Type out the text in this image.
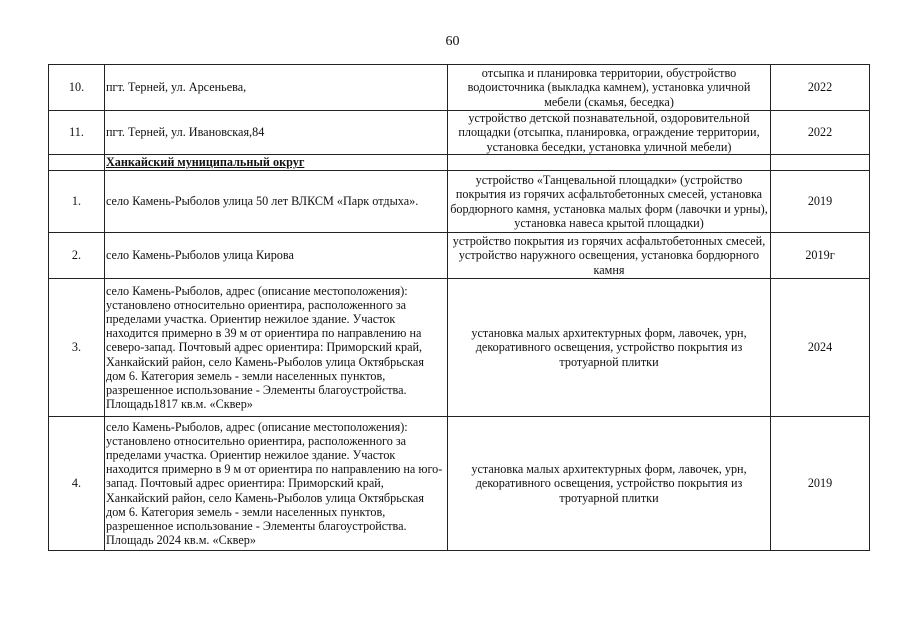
60
10.	пгт. Терней, ул. Арсеньева,	отсыпка и планировка территории, обустройство водоисточника (выкладка камнем), установка уличной мебели (скамья, беседка)	2022
11.	пгт. Терней, ул. Ивановская,84	устройство детской познавательной, оздоровительной площадки (отсыпка, планировка, ограждение территории, установка беседки, установка уличной мебели)	2022
	Ханкайский муниципальный округ		
1.	село Камень-Рыболов улица 50 лет ВЛКСМ «Парк отдыха».	устройство «Танцевальной площадки» (устройство покрытия из горячих асфальтобетонных смесей, установка бордюрного камня, установка малых форм (лавочки и урны), установка навеса крытой площадки)	2019
2.	село Камень-Рыболов улица Кирова	устройство покрытия из горячих асфальтобетонных смесей, устройство наружного освещения, установка бордюрного камня	2019г
3.	село Камень-Рыболов, адрес (описание местоположения): установлено относительно ориентира, расположенного за пределами участка. Ориентир нежилое здание. Участок находится примерно в 39 м от ориентира по направлению на северо-запад. Почтовый адрес ориентира: Приморский край, Ханкайский район, село Камень-Рыболов улица Октябрьская дом 6. Категория земель - земли населенных пунктов, разрешенное использование - Элементы благоустройства. Площадь1817 кв.м. «Сквер»	установка малых архитектурных форм, лавочек, урн, декоративного освещения, устройство покрытия из тротуарной плитки	2024
4.	село Камень-Рыболов, адрес (описание местоположения): установлено относительно ориентира, расположенного за пределами участка. Ориентир нежилое здание. Участок находится примерно в 9 м от ориентира по направлению на юго-запад. Почтовый адрес ориентира: Приморский край, Ханкайский район, село Камень-Рыболов улица Октябрьская дом 6. Категория земель - земли населенных пунктов, разрешенное использование - Элементы благоустройства. Площадь 2024 кв.м. «Сквер»	установка малых архитектурных форм, лавочек, урн, декоративного освещения, устройство покрытия из тротуарной плитки	2019
